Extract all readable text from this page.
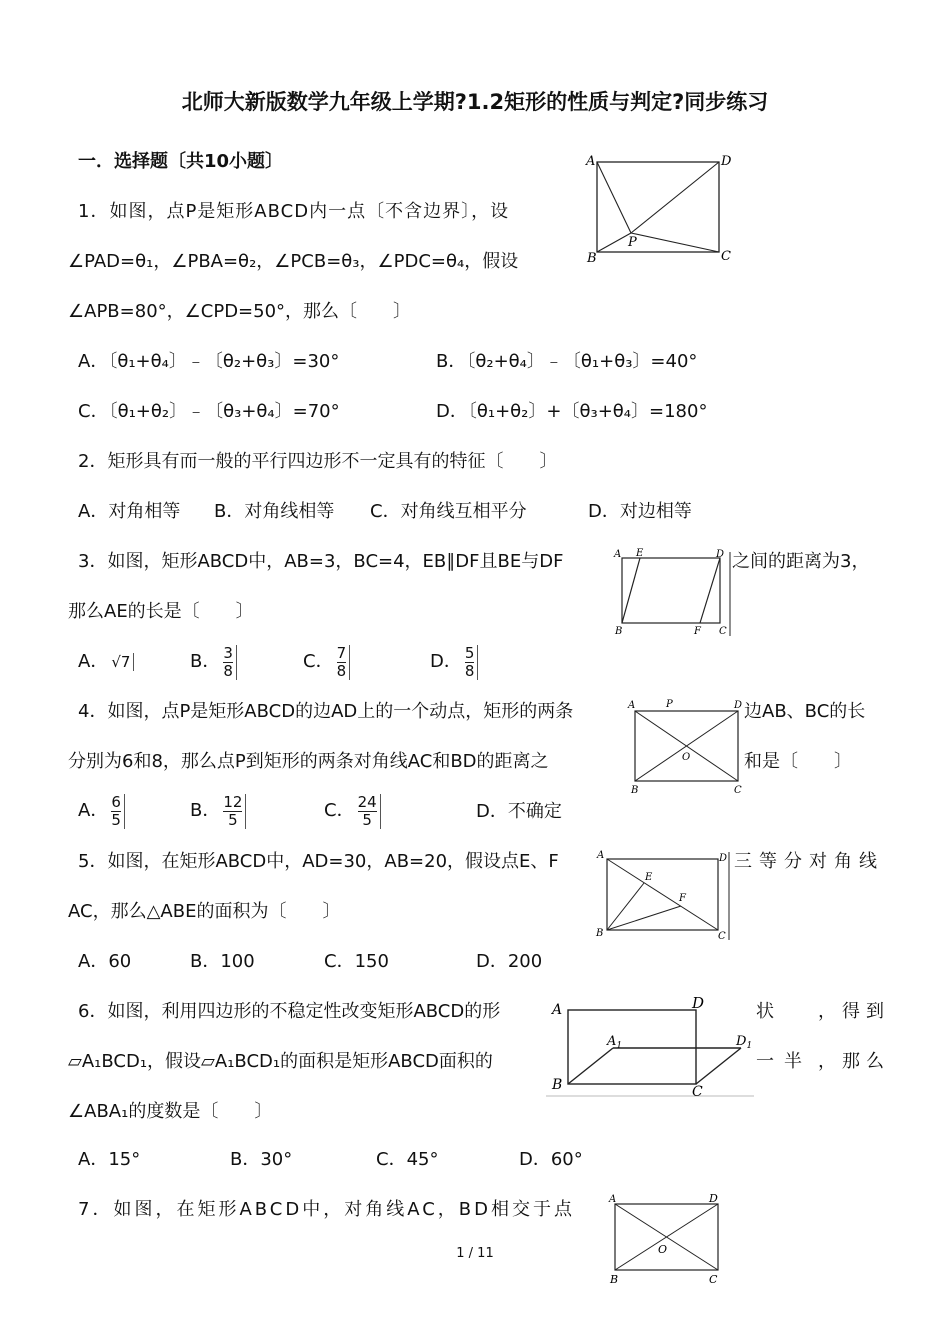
北师大新版数学九年级上学期?1.2矩形的性质与判定?同步练习
一．选择题〔共10小题〕
1．如图，点P是矩形ABCD内一点〔不含边界〕，设
∠PAD=θ₁，∠PBA=θ₂，∠PCB=θ₃，∠PDC=θ₄，假设
∠APB=80°，∠CPD=50°，那么〔　　〕
A．〔θ₁+θ₄〕﹣〔θ₂+θ₃〕=30°	B．〔θ₂+θ₄〕﹣〔θ₁+θ₃〕=40°
C．〔θ₁+θ₂〕﹣〔θ₃+θ₄〕=70°	D．〔θ₁+θ₂〕+〔θ₃+θ₄〕=180°
A	D
B	C
P
2．矩形具有而一般的平行四边形不一定具有的特征〔　　〕
A．对角相等 B．对角线相等 C．对角线互相平分	D．对边相等
3．如图，矩形ABCD中，AB=3，BC=4，EB∥DF且BE与DF	之间的距离为3，
那么AE的长是〔　　〕
A E	D
B	F C
A． √7	B． $\frac{3}{8}$	C． $\frac{7}{8}$	D． $\frac{5}{8}$
4．如图，点P是矩形ABCD的边AD上的一个动点，矩形的两条	边AB、BC的长
分别为6和8，那么点P到矩形的两条对角线AC和BD的距离之	和是〔　　〕
A	P	D
O
B	C
A． $\frac{6}{5}$	B． $\frac{12}{5}$	C． $\frac{24}{5}$	D．不确定
5．如图，在矩形ABCD中，AD=30，AB=20，假设点E、F	三等分对角线
AC，那么△ABE的面积为〔　　〕
A	D
E
F
B	C
A．60	B．100	C．150	D．200
6．如图，利用四边形的不稳定性改变矩形ABCD的形	状 ，得到
▱A₁BCD₁，假设▱A₁BCD₁的面积是矩形ABCD面积的	一半 ，那么
∠ABA₁的度数是〔　　〕
A	D
$A_1$	$D_1$
B	C
A．15°	B．30°	C．45°	D．60°
7．如图，在矩形ABCD中，对角线AC，BD相交于点	A	D
O
B	C
1 / 11
